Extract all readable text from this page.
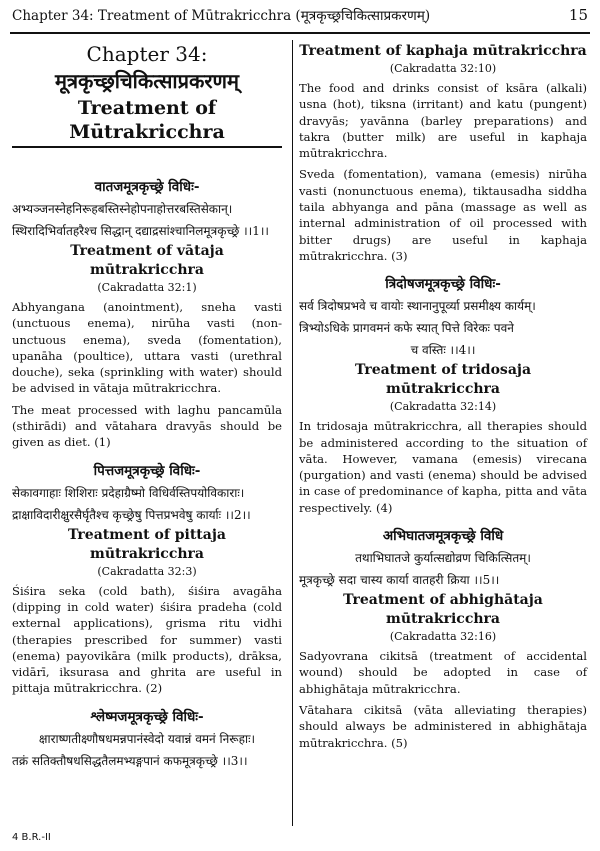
Chapter 34: Treatment of Mūtrakricchra (मूत्रकृच्छ्रचिकित्साप्रकरणम्)	15
Chapter 34:
मूत्रकृच्छ्रचिकित्साप्रकरणम्
Treatment of Mūtrakricchra
वातजमूत्रकृच्छ्रे विधिः-
अभ्यञ्जनस्नेहनिरूहबस्तिस्नेहोपनाहोत्तरबस्तिसेकान्।
स्थिरादिभिर्वातहरैश्च सिद्धान् दद्याद्रसांश्चानिलमूत्रकृच्छ्रे ।।1।।
Treatment of vātaja mūtrakricchra
(Cakradatta 32:1)

Abhyangana (anointment), sneha vasti (unctuous enema), nirūha vasti (non-unctuous enema), sveda (fomentation), upanāha (poultice), uttara vasti (urethral douche), seka (sprinkling with water) should be advised in vātaja mūtrakricchra.

The meat processed with laghu pancamūla (sthirādi) and vātahara dravyās should be given as diet. (1)

पित्तजमूत्रकृच्छ्रे विधिः-
सेकावगाहाः शिशिराः प्रदेहाग्रैष्मो विधिर्वस्तिपयोविकाराः।
द्राक्षाविदारीक्षुरसैर्घृतैश्च कृच्छ्रेषु पित्तप्रभवेषु कार्याः ।।2।।
Treatment of pittaja mūtrakricchra
(Cakradatta 32:3)

Śiśira seka (cold bath), śiśira avagāha (dipping in cold water) śiśira pradeha (cold external applications), grisma ritu vidhi (therapies prescribed for summer) vasti (enema) payovikāra (milk products), drāksa, vidārī, iksurasa and ghrita are useful in pittaja mūtrakricchra. (2)

श्लेष्मजमूत्रकृच्छ्रे विधिः-
क्षाराष्णतीक्ष्णौषधमन्नपानंस्वेदो यवान्नं वमनं निरूहाः।
तक्रं सतिक्तौषधसिद्धतैलमभ्यङ्गपानं कफमूत्रकृच्छ्रे ।।3।।
Treatment of kaphaja mūtrakricchra
(Cakradatta 32:10)

The food and drinks consist of ksāra (alkali) usna (hot), tiksna (irritant) and katu (pungent) dravyās; yavānna (barley preparations) and takra (butter milk) are useful in kaphaja mūtrakricchra.

Sveda (fomentation), vamana (emesis) nirūha vasti (nonunctuous enema), tiktausadha siddha taila abhyanga and pāna (massage as well as internal administration of oil processed with bitter drugs) are useful in kaphaja mūtrakricchra. (3)

त्रिदोषजमूत्रकृच्छ्रे विधिः-
सर्व त्रिदोषप्रभवे च वायोः स्थानानुपूर्व्या प्रसमीक्ष्य कार्यम्।
त्रिभ्योऽधिके प्रागवमनं कफे स्यात् पित्ते विरेकः पवने
च वस्तिः ।।4।।
Treatment of tridosaja
mūtrakricchra
(Cakradatta 32:14)

In tridosaja mūtrakricchra, all therapies should be administered according to the situation of vāta. However, vamana (emesis) virecana (purgation) and vasti (enema) should be advised in case of predominance of kapha, pitta and vāta respectively. (4)

अभिघातजमूत्रकृच्छ्रे विधि
तथाभिघातजे कुर्यात्सद्योव्रण चिकित्सितम्।
मूत्रकृच्छ्रे सदा चास्य कार्या वातहरी क्रिया ।।5।।
Treatment of abhighātaja
mūtrakricchra
(Cakradatta 32:16)

Sadyovrana cikitsā (treatment of accidental wound) should be adopted in case of abhighātaja mūtrakricchra.

Vātahara cikitsā (vāta alleviating therapies) should always be administered in abhighātaja mūtrakricchra. (5)

4 B.R.-II
